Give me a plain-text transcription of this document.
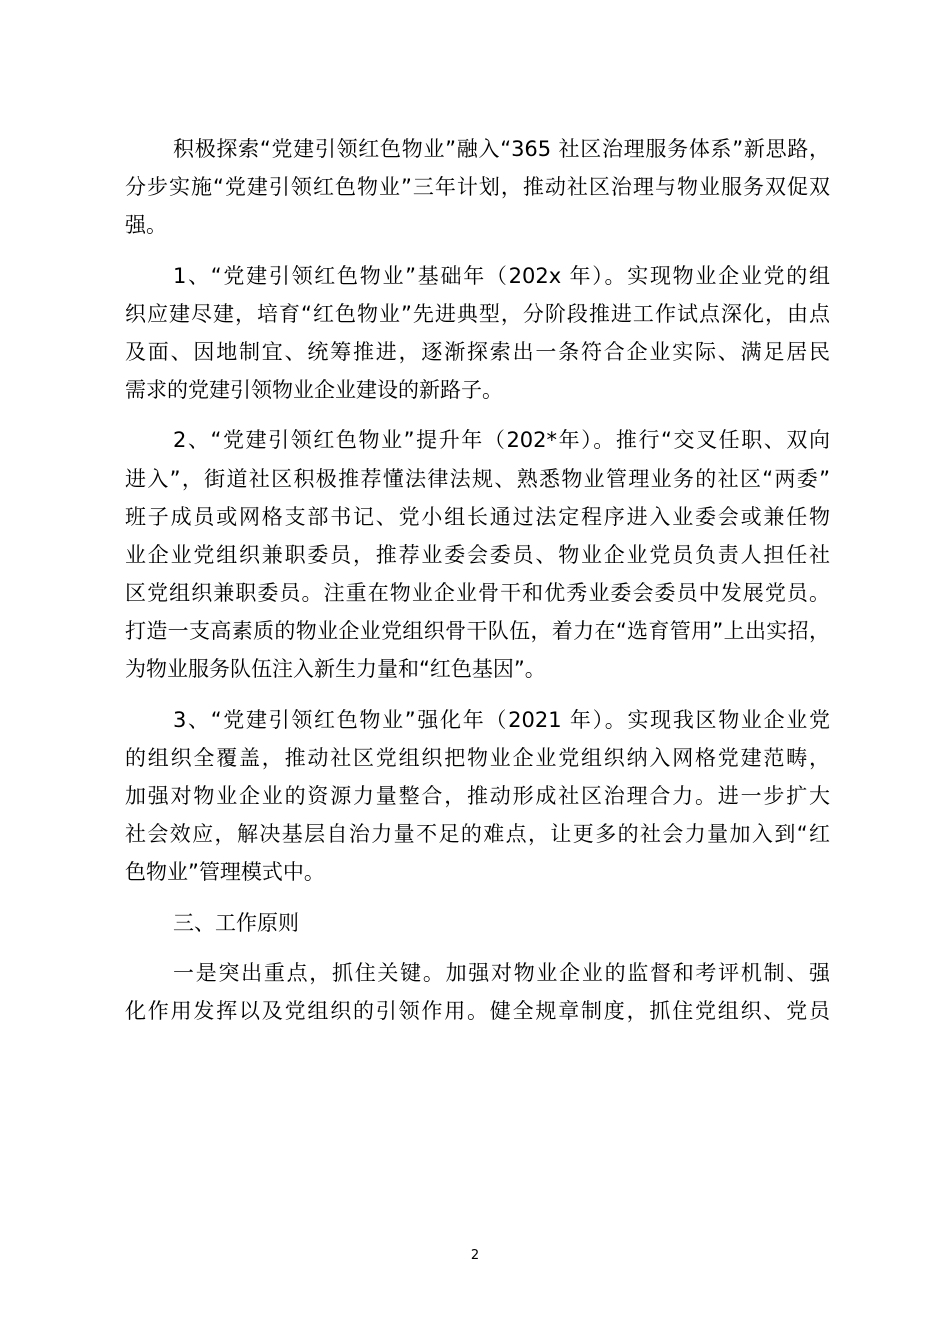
积极探索“党建引领红色物业”融入“365 社区治理服务体系”新思路，
分步实施“党建引领红色物业”三年计划，推动社区治理与物业服务双促双
强。
1、“党建引领红色物业”基础年（202x 年）。实现物业企业党的组
织应建尽建，培育“红色物业”先进典型，分阶段推进工作试点深化，由点
及面、因地制宜、统筹推进，逐渐探索出一条符合企业实际、满足居民
需求的党建引领物业企业建设的新路子。
2、“党建引领红色物业”提升年（202*年）。推行“交叉任职、双向
进入”，街道社区积极推荐懂法律法规、熟悉物业管理业务的社区“两委”
班子成员或网格支部书记、党小组长通过法定程序进入业委会或兼任物
业企业党组织兼职委员，推荐业委会委员、物业企业党员负责人担任社
区党组织兼职委员。注重在物业企业骨干和优秀业委会委员中发展党员。
打造一支高素质的物业企业党组织骨干队伍，着力在“选育管用”上出实招，
为物业服务队伍注入新生力量和“红色基因”。
3、“党建引领红色物业”强化年（2021 年）。实现我区物业企业党
的组织全覆盖，推动社区党组织把物业企业党组织纳入网格党建范畴，
加强对物业企业的资源力量整合，推动形成社区治理合力。进一步扩大
社会效应，解决基层自治力量不足的难点，让更多的社会力量加入到“红
色物业”管理模式中。
三、工作原则
一是突出重点，抓住关键。加强对物业企业的监督和考评机制、强
化作用发挥以及党组织的引领作用。健全规章制度，抓住党组织、党员
2
